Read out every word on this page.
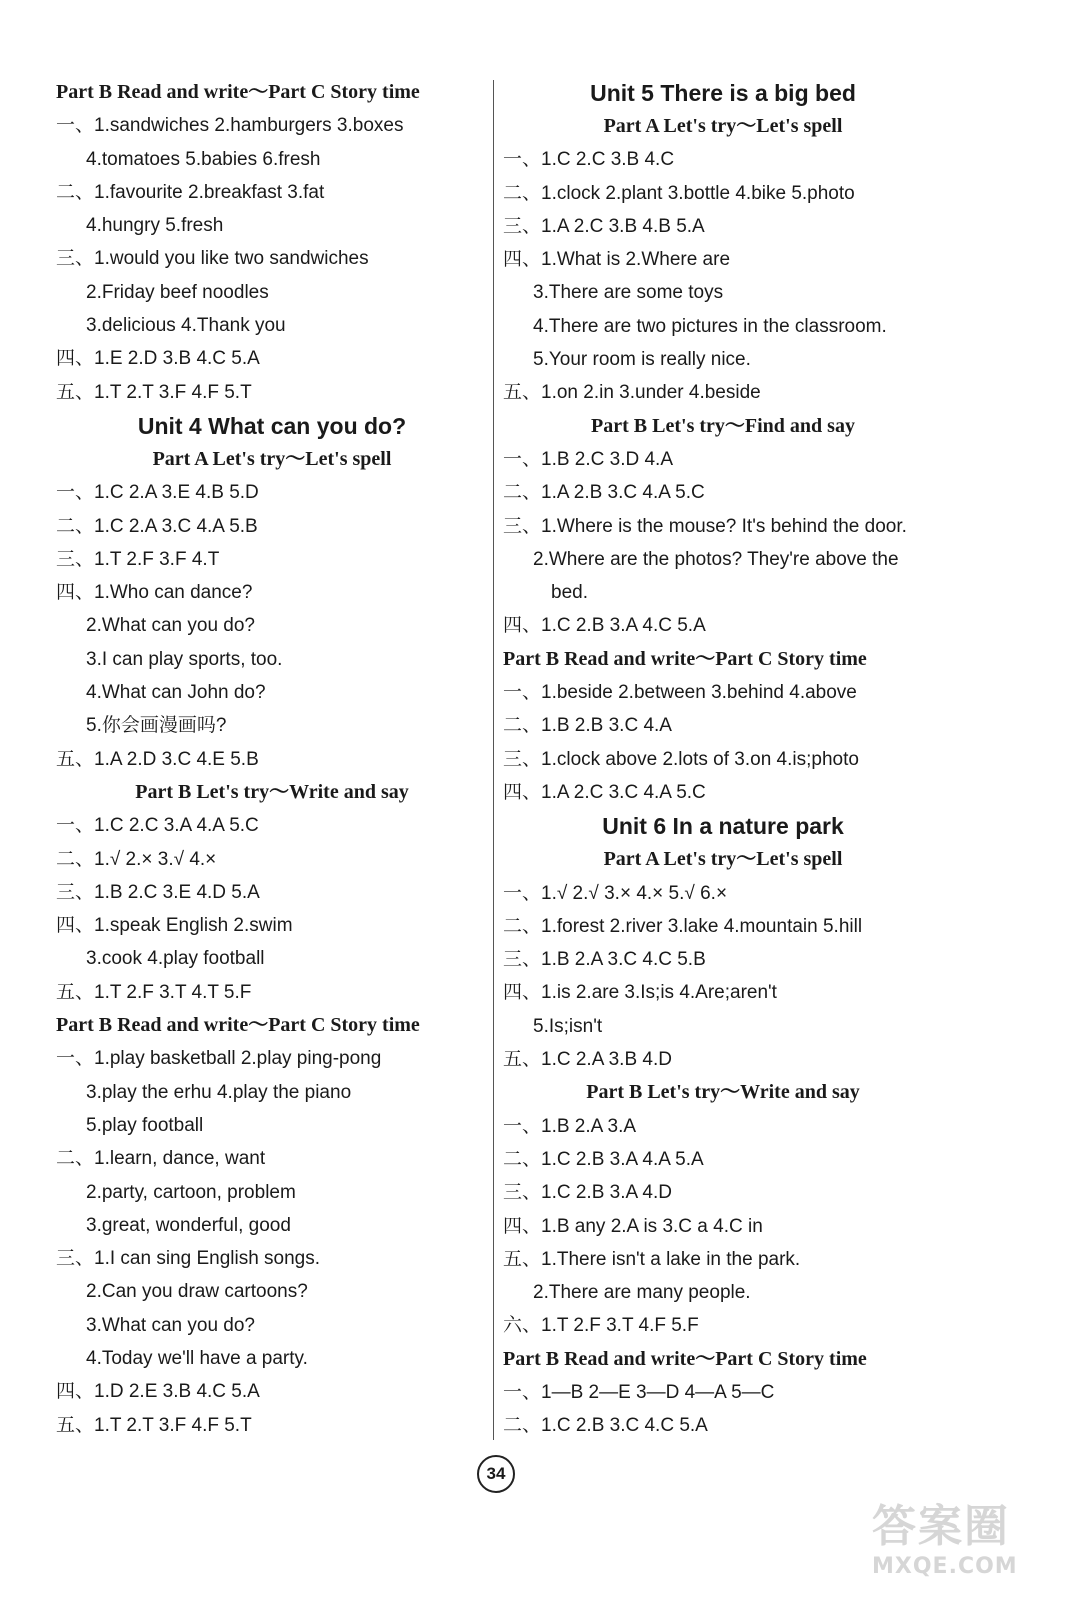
Part B Read and write～Part C Story time
一、1.sandwiches 2.hamburgers 3.boxes
4.tomatoes 5.babies 6.fresh
二、1.favourite 2.breakfast 3.fat
4.hungry 5.fresh
三、1.would you like two sandwiches
2.Friday beef noodles
3.delicious 4.Thank you
四、1.E 2.D 3.B 4.C 5.A
五、1.T 2.T 3.F 4.F 5.T
Unit 4 What can you do?
Part A Let's try～Let's spell
一、1.C 2.A 3.E 4.B 5.D
二、1.C 2.A 3.C 4.A 5.B
三、1.T 2.F 3.F 4.T
四、1.Who can dance?
2.What can you do?
3.I can play sports, too.
4.What can John do?
5.你会画漫画吗?
五、1.A 2.D 3.C 4.E 5.B
Part B Let's try～Write and say
一、1.C 2.C 3.A 4.A 5.C
二、1.√ 2.× 3.√ 4.×
三、1.B 2.C 3.E 4.D 5.A
四、1.speak English 2.swim
3.cook 4.play football
五、1.T 2.F 3.T 4.T 5.F
Part B Read and write～Part C Story time
一、1.play basketball 2.play ping-pong
3.play the erhu 4.play the piano
5.play football
二、1.learn, dance, want
2.party, cartoon, problem
3.great, wonderful, good
三、1.I can sing English songs.
2.Can you draw cartoons?
3.What can you do?
4.Today we'll have a party.
四、1.D 2.E 3.B 4.C 5.A
五、1.T 2.T 3.F 4.F 5.T
Unit 5 There is a big bed
Part A Let's try～Let's spell
一、1.C 2.C 3.B 4.C
二、1.clock 2.plant 3.bottle 4.bike 5.photo
三、1.A 2.C 3.B 4.B 5.A
四、1.What is 2.Where are
3.There are some toys
4.There are two pictures in the classroom.
5.Your room is really nice.
五、1.on 2.in 3.under 4.beside
Part B Let's try～Find and say
一、1.B 2.C 3.D 4.A
二、1.A 2.B 3.C 4.A 5.C
三、1.Where is the mouse? It's behind the door.
2.Where are the photos? They're above the
bed.
四、1.C 2.B 3.A 4.C 5.A
Part B Read and write～Part C Story time
一、1.beside 2.between 3.behind 4.above
二、1.B 2.B 3.C 4.A
三、1.clock above 2.lots of 3.on 4.is;photo
四、1.A 2.C 3.C 4.A 5.C
Unit 6 In a nature park
Part A Let's try～Let's spell
一、1.√ 2.√ 3.× 4.× 5.√ 6.×
二、1.forest 2.river 3.lake 4.mountain 5.hill
三、1.B 2.A 3.C 4.C 5.B
四、1.is 2.are 3.Is;is 4.Are;aren't
5.Is;isn't
五、1.C 2.A 3.B 4.D
Part B Let's try～Write and say
一、1.B 2.A 3.A
二、1.C 2.B 3.A 4.A 5.A
三、1.C 2.B 3.A 4.D
四、1.B any 2.A is 3.C a 4.C in
五、1.There isn't a lake in the park.
2.There are many people.
六、1.T 2.F 3.T 4.F 5.F
Part B Read and write～Part C Story time
一、1—B 2—E 3—D 4—A 5—C
二、1.C 2.B 3.C 4.C 5.A
34
答案圈
MXQE.COM
